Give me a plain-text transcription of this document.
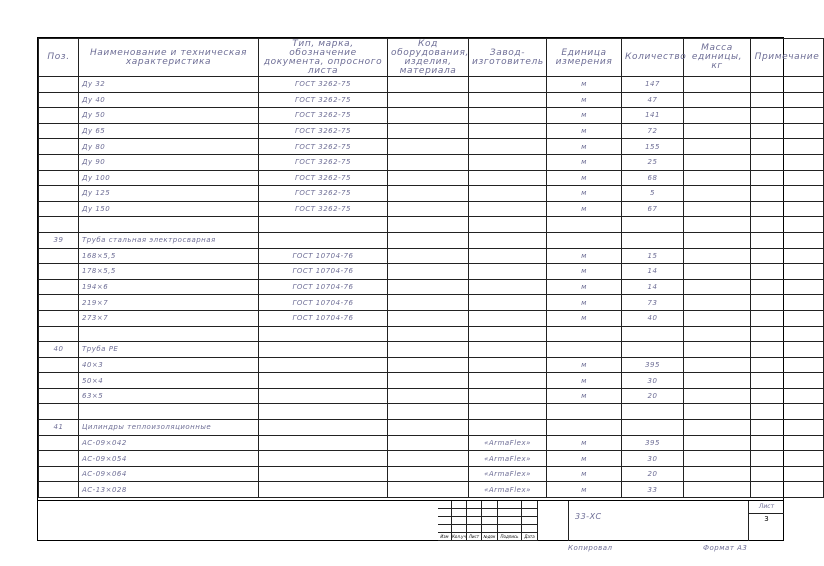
Поз.	Наименование и техническая характеристика	Тип, марка, обозначение документа, опросного листа	Код оборудования, изделия, материала	Завод-изготовитель	Единица измерения	Количество	Масса единицы, кг	Примечание
	Ду 32	ГОСТ 3262-75			м	147		
	Ду 40	ГОСТ 3262-75			м	47		
	Ду 50	ГОСТ 3262-75			м	141		
	Ду 65	ГОСТ 3262-75			м	72		
	Ду 80	ГОСТ 3262-75			м	155		
	Ду 90	ГОСТ 3262-75			м	25		
	Ду 100	ГОСТ 3262-75			м	68		
	Ду 125	ГОСТ 3262-75			м	5		
	Ду 150	ГОСТ 3262-75			м	67		

39	Труба стальная электросварная							
	168×5,5	ГОСТ 10704-76			м	15		
	178×5,5	ГОСТ 10704-76			м	14		
	194×6	ГОСТ 10704-76			м	14		
	219×7	ГОСТ 10704-76			м	73		
	273×7	ГОСТ 10704-76			м	40		

40	Труба PE							
	40×3				м	395		
	50×4				м	30		
	63×5				м	20		

41	Цилиндры теплоизоляционные							
	AC-09×042			«ArmaFlex»	м	395		
	AC-09×054			«ArmaFlex»	м	30		
	AC-09×064			«ArmaFlex»	м	20		
	AC-13×028			«ArmaFlex»	м	33		
Изм Кол.уч Лист	№док	Подпись	Дата
33-ХС
Лист
3
Копировал	Формат А3
